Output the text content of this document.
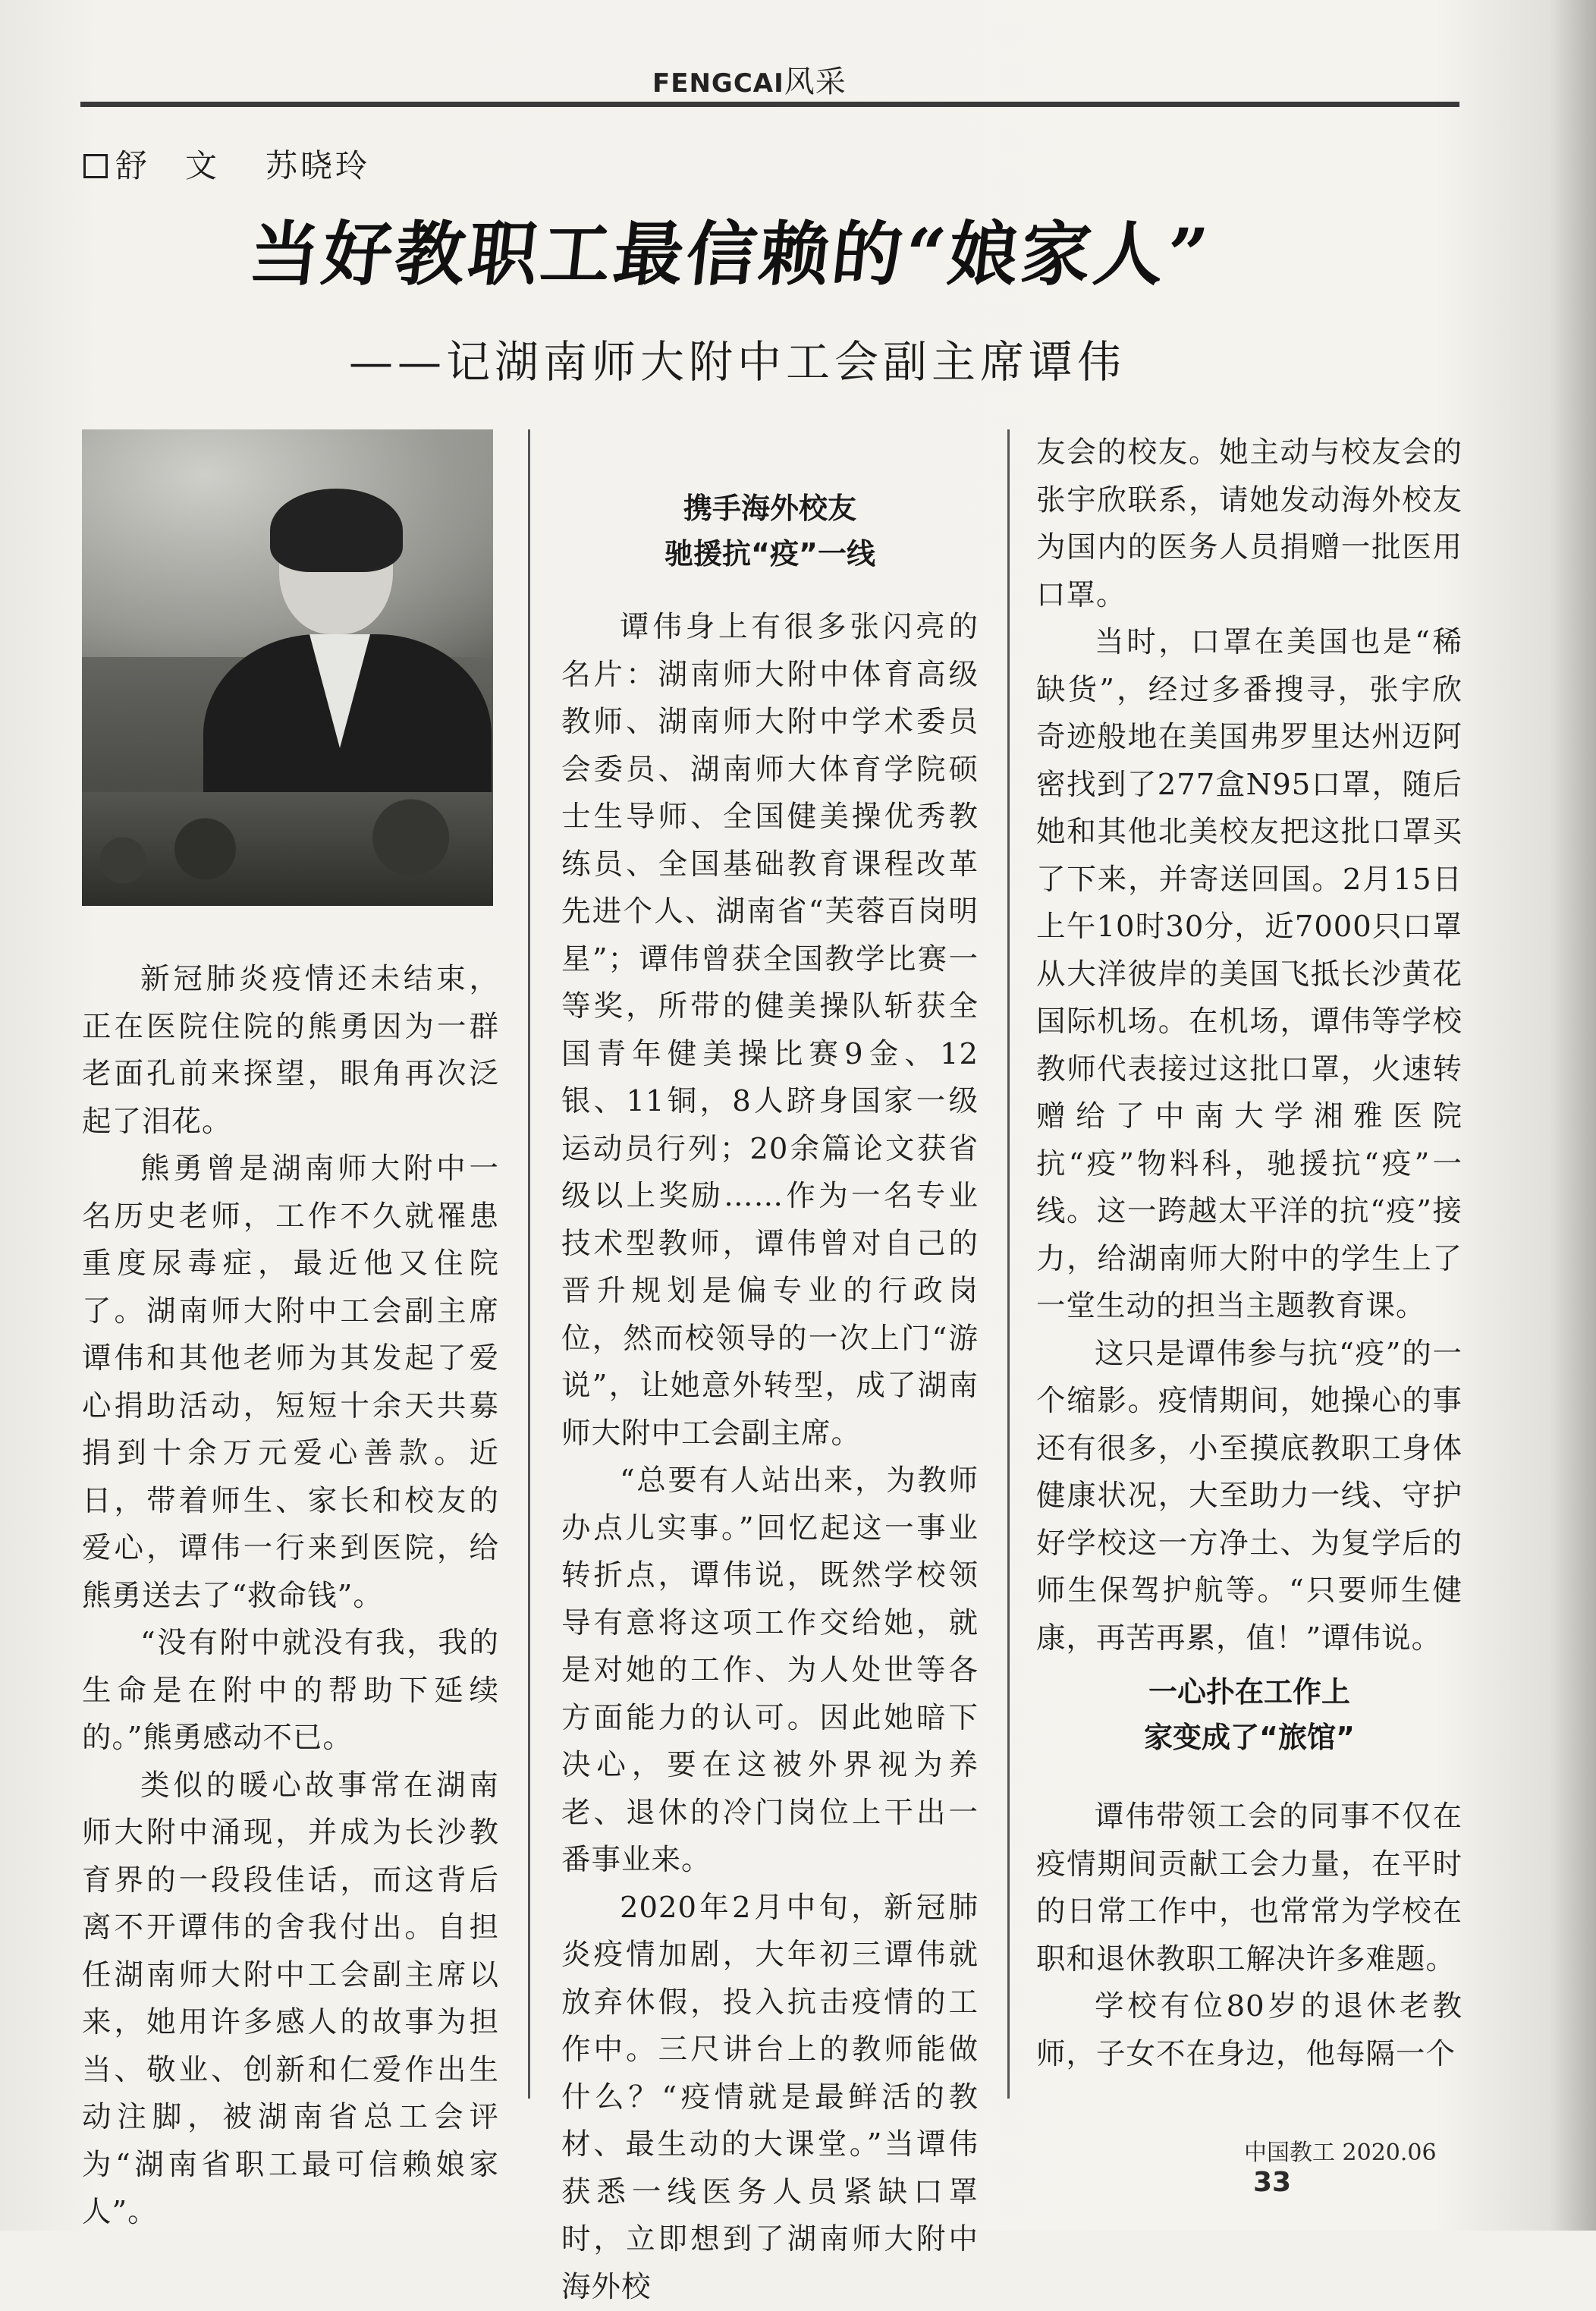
FENGCAI风采
舒　文 苏晓玲
当好教职工最信赖的“娘家人”
——记湖南师大附中工会副主席谭伟

新冠肺炎疫情还未结束，正在医院住院的熊勇因为一群老面孔前来探望，眼角再次泛起了泪花。

熊勇曾是湖南师大附中一名历史老师，工作不久就罹患重度尿毒症，最近他又住院了。湖南师大附中工会副主席谭伟和其他老师为其发起了爱心捐助活动，短短十余天共募捐到十余万元爱心善款。近日，带着师生、家长和校友的爱心，谭伟一行来到医院，给熊勇送去了“救命钱”。

“没有附中就没有我，我的生命是在附中的帮助下延续的。”熊勇感动不已。

类似的暖心故事常在湖南师大附中涌现，并成为长沙教育界的一段段佳话，而这背后离不开谭伟的舍我付出。自担任湖南师大附中工会副主席以来，她用许多感人的故事为担当、敬业、创新和仁爱作出生动注脚，被湖南省总工会评为“湖南省职工最可信赖娘家人”。

携手海外校友
驰援抗“疫”一线

谭伟身上有很多张闪亮的名片：湖南师大附中体育高级教师、湖南师大附中学术委员会委员、湖南师大体育学院硕士生导师、全国健美操优秀教练员、全国基础教育课程改革先进个人、湖南省“芙蓉百岗明星”；谭伟曾获全国教学比赛一等奖，所带的健美操队斩获全国青年健美操比赛9金、12银、11铜，8人跻身国家一级运动员行列；20余篇论文获省级以上奖励……作为一名专业技术型教师，谭伟曾对自己的晋升规划是偏专业的行政岗位，然而校领导的一次上门“游说”，让她意外转型，成了湖南师大附中工会副主席。

“总要有人站出来，为教师办点儿实事。”回忆起这一事业转折点，谭伟说，既然学校领导有意将这项工作交给她，就是对她的工作、为人处世等各方面能力的认可。因此她暗下决心，要在这被外界视为养老、退休的冷门岗位上干出一番事业来。

2020年2月中旬，新冠肺炎疫情加剧，大年初三谭伟就放弃休假，投入抗击疫情的工作中。三尺讲台上的教师能做什么？“疫情就是最鲜活的教材、最生动的大课堂。”当谭伟获悉一线医务人员紧缺口罩时，立即想到了湖南师大附中海外校

友会的校友。她主动与校友会的张宇欣联系，请她发动海外校友为国内的医务人员捐赠一批医用口罩。

当时，口罩在美国也是“稀缺货”，经过多番搜寻，张宇欣奇迹般地在美国弗罗里达州迈阿密找到了277盒N95口罩，随后她和其他北美校友把这批口罩买了下来，并寄送回国。2月15日上午10时30分，近7000只口罩从大洋彼岸的美国飞抵长沙黄花国际机场。在机场，谭伟等学校教师代表接过这批口罩，火速转赠给了中南大学湘雅医院抗“疫”物料科，驰援抗“疫”一线。这一跨越太平洋的抗“疫”接力，给湖南师大附中的学生上了一堂生动的担当主题教育课。

这只是谭伟参与抗“疫”的一个缩影。疫情期间，她操心的事还有很多，小至摸底教职工身体健康状况，大至助力一线、守护好学校这一方净土、为复学后的师生保驾护航等。“只要师生健康，再苦再累，值！”谭伟说。

一心扑在工作上
家变成了“旅馆”

谭伟带领工会的同事不仅在疫情期间贡献工会力量，在平时的日常工作中，也常常为学校在职和退休教职工解决许多难题。

学校有位80岁的退休老教师，子女不在身边，他每隔一个

中国教工 2020.06 33
